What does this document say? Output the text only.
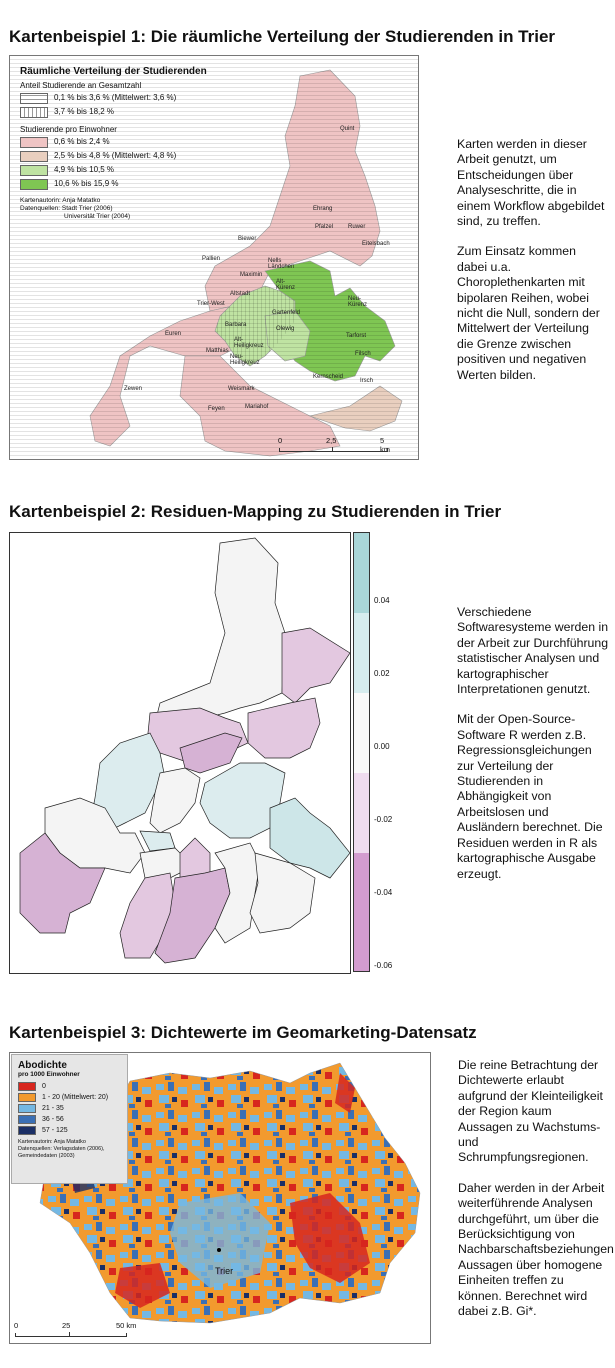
Kartenbeispiel 1: Die räumliche Verteilung der Studierenden in Trier
Räumliche Verteilung der Studierenden
Anteil Studierende an Gesamtzahl
0,1 % bis 3,6 % (Mittelwert: 3,6 %)
3,7 % bis 18,2 %
Studierende pro Einwohner
0,6 % bis 2,4 %
2,5 % bis 4,8 % (Mittelwert: 4,8 %)
4,9 % bis 10,5 %
10,6 % bis 15,9 %
Kartenautorin: Anja Matatko
Datenquellen: Stadt Trier (2006)
Universität Trier (2004)
Quint
Ehrang
Pfalzel Ruwer
Biewer
Eitelsbach
Pallien
Maximin
Nells Ländchen
Alt-Kürenz
Trier-West
Altstadt
Neu-Kürenz
Barbara
Gartenfeld
Olewig
Tarforst
Euren
Matthias
Alt-Heiligkreuz
Neu-Heiligkreuz
Filsch
Zewen	Weismark
Kernscheid
Irsch
Feyen	Mariahof
0	2,5	5 km

Karten werden in dieser Arbeit genutzt, um Entscheidungen über Analyseschritte, die in einem Workflow abgebildet sind, zu treffen.

Zum Einsatz kommen dabei u.a. Choroplethenkarten mit bipolaren Reihen, wobei nicht die Null, sondern der Mittelwert der Verteilung die Grenze zwischen positiven und negativen Werten bilden.

Kartenbeispiel 2: Residuen-Mapping zu Studierenden in Trier
0.04
0.02
0.00
-0.02
-0.04
-0.06

Verschiedene Softwaresysteme werden in der Arbeit zur Durchführung statistischer Analysen und kartographischer Interpretationen genutzt.

Mit der Open-Source-Software R werden z.B. Regressionsgleichungen zur Verteilung der Studierenden in Abhängigkeit von Arbeitslosen und Ausländern berechnet. Die Residuen werden in R als kartographische Ausgabe erzeugt.

Kartenbeispiel 3: Dichtewerte im Geomarketing-Datensatz
Abodichte
pro 1000 Einwohner
0
1 - 20 (Mittelwert: 20)
21 - 35
36 - 56
57 - 125
Kartenautorin: Anja Matatko
Datenquellen: Verlagsdaten (2006), Gemeindedaten (2003)
Trier
0	25	50 km

Die reine Betrachtung der Dichtewerte erlaubt aufgrund der Kleinteiligkeit der Region kaum Aussagen zu Wachstums- und Schrumpfungsregionen.

Daher werden in der Arbeit weiterführende Analysen durchgeführt, um über die Berücksichtigung von Nachbarschaftsbeziehungen Aussagen über homogene Einheiten treffen zu können. Berechnet wird dabei z.B. Gi*.
